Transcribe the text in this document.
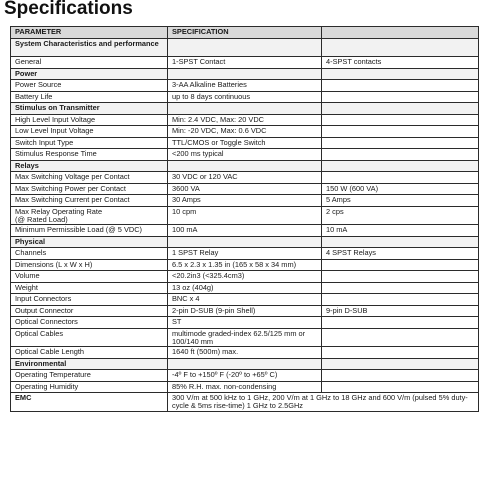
Specifications
PARAMETER	SPECIFICATION	
System Characteristics and performance		
General	1-SPST Contact	4-SPST contacts
Power		
Power Source	3-AA Alkaline Batteries	
Battery Life	up to 8 days continuous	
Stimulus on Transmitter		
High Level Input Voltage	Min: 2.4 VDC, Max: 20 VDC	
Low Level Input Voltage	Min: -20 VDC, Max: 0.6 VDC	
Switch Input Type	TTL/CMOS or Toggle Switch	
Stimulus Response Time	<200 ms typical	
Relays		
Max Switching Voltage per Contact	30 VDC or 120 VAC	
Max Switching Power per Contact	3600 VA	150 W (600 VA)
Max Switching Current per Contact	30 Amps	5 Amps
Max Relay Operating Rate
(@ Rated Load)	10 cpm	2 cps
Minimum Permissible Load (@ 5 VDC)	100 mA	10 mA
Physical		
Channels	1 SPST Relay	4 SPST Relays
Dimensions (L x W x H)	6.5 x 2.3 x 1.35 in (165 x 58 x 34 mm)	
Volume	<20.2in3 (<325.4cm3)	
Weight	13 oz (404g)	
Input Connectors	BNC x 4	
Output Connector	2-pin D-SUB (9-pin Shell)	9-pin D-SUB
Optical Connectors	ST	
Optical Cables	multimode graded-index 62.5/125 mm or 100/140 mm	
Optical Cable Length	1640 ft (500m) max.	
Environmental		
Operating Temperature	-4º F to +150º F (-20º to +65º C)	
Operating Humidity	85% R.H. max. non-condensing	
EMC	300 V/m at 500 kHz to 1 GHz, 200 V/m at 1 GHz to 18 GHz and 600 V/m (pulsed 5% duty-cycle & 5ms rise-time) 1 GHz to 2.5GHz	
